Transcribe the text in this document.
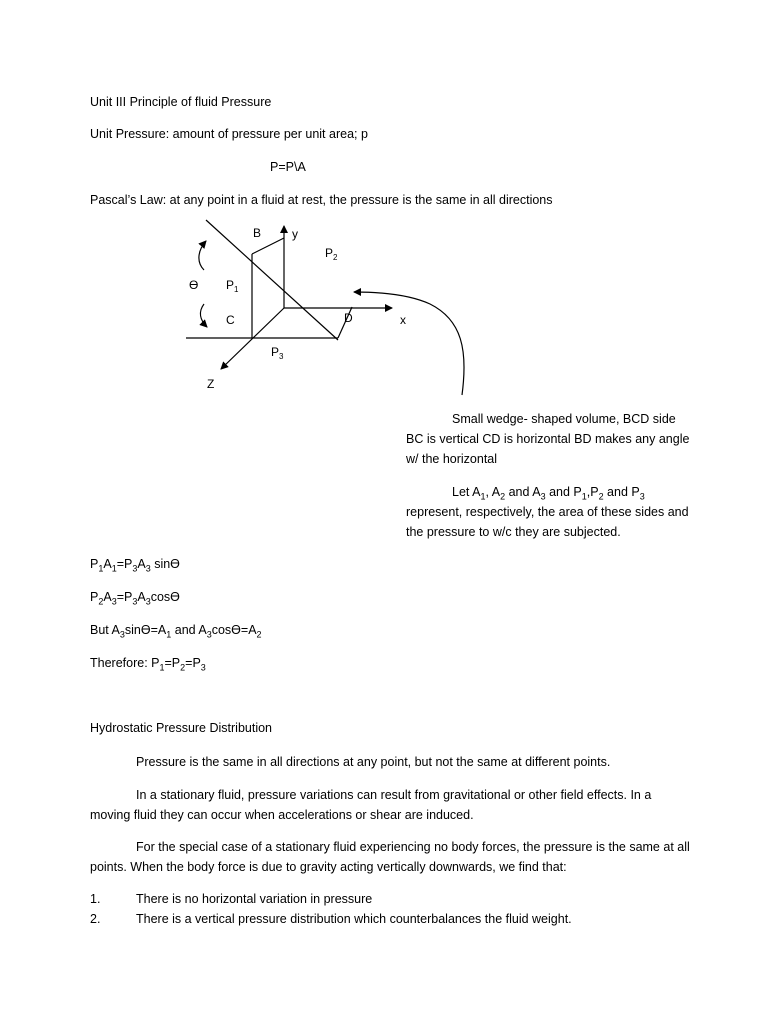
Unit III Principle of fluid Pressure
Unit Pressure: amount of pressure per unit area; p
P=P\A
Pascal’s Law: at any point in a fluid at rest, the pressure is the same in all directions
B	y
$P_2$
ϴ $P_1$
C	D	x
$P_3$
Z
Small wedge- shaped volume, BCD side BC is vertical CD is horizontal BD makes any angle w/ the horizontal
Let $A_1$, $A_2$ and $A_3$ and $P_1,P_2$ and $P_3$
represent, respectively, the area of these sides and the pressure to w/c they are subjected.
$P_1A_1=P_3A_3$ sinϴ
$P_2A_3=P_3A_3\cos ϴ$
But $A_3\sin ϴ=A_1$ and $A_3\cos ϴ=A_2$
Therefore: $P_1=P_2=P_3$
Hydrostatic Pressure Distribution
Pressure is the same in all directions at any point, but not the same at different points.
In a stationary fluid, pressure variations can result from gravitational or other field effects. In a moving fluid they can occur when accelerations or shear are induced.
For the special case of a stationary fluid experiencing no body forces, the pressure is the same at all points. When the body force is due to gravity acting vertically downwards, we find that:
1.	There is no horizontal variation in pressure
2.	There is a vertical pressure distribution which counterbalances the fluid weight.
